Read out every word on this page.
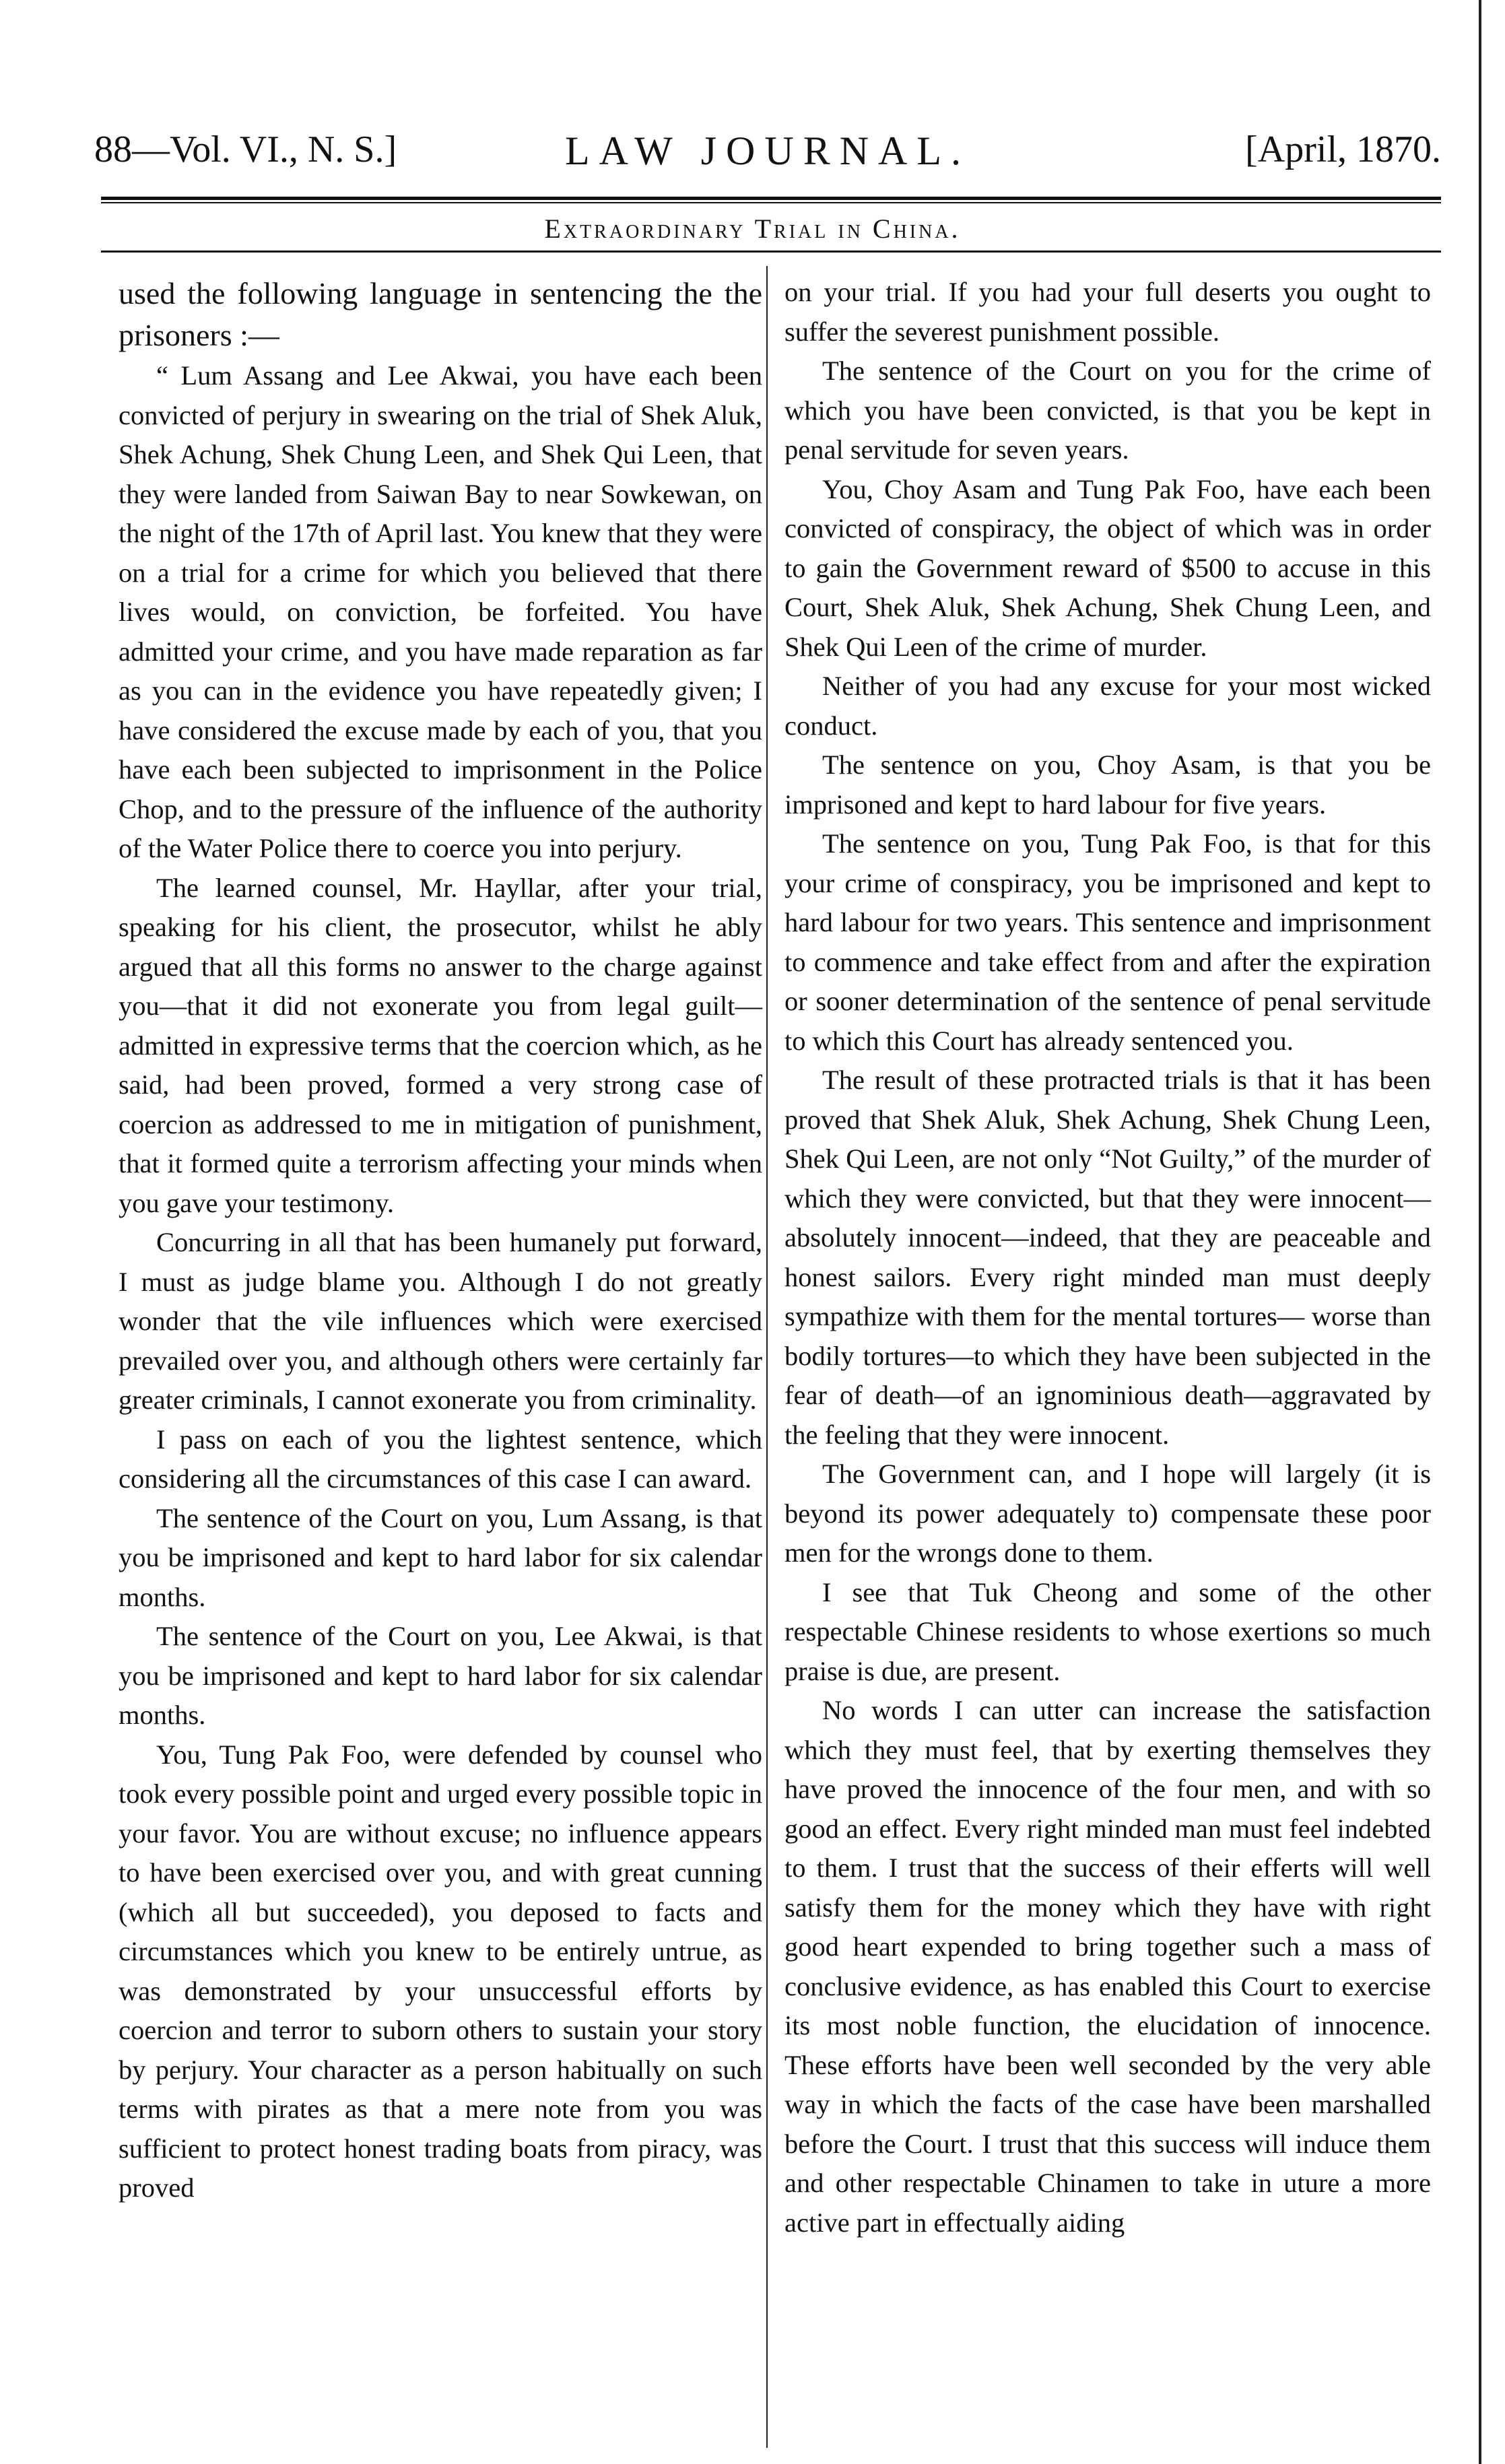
88—Vol. VI., N. S.]	LAW JOURNAL.	[April, 1870.
Extraordinary Trial in China.

used the following language in sentencing the the prisoners :—

“ Lum Assang and Lee Akwai, you have each been convicted of perjury in swearing on the trial of Shek Aluk, Shek Achung, Shek Chung Leen, and Shek Qui Leen, that they were landed from Saiwan Bay to near Sowkewan, on the night of the 17th of April last. You knew that they were on a trial for a crime for which you believed that there lives would, on conviction, be forfeited. You have admitted your crime, and you have made reparation as far as you can in the evidence you have repeatedly given; I have considered the excuse made by each of you, that you have each been subjected to imprisonment in the Police Chop, and to the pressure of the influence of the authority of the Water Police there to coerce you into perjury.

The learned counsel, Mr. Hayllar, after your trial, speaking for his client, the prosecutor, whilst he ably argued that all this forms no answer to the charge against you—that it did not exonerate you from legal guilt—admitted in expressive terms that the coercion which, as he said, had been proved, formed a very strong case of coercion as addressed to me in mitigation of punishment, that it formed quite a terrorism affecting your minds when you gave your testimony.

Concurring in all that has been humanely put forward, I must as judge blame you. Although I do not greatly wonder that the vile influences which were exercised prevailed over you, and although others were certainly far greater criminals, I cannot exonerate you from criminality.

I pass on each of you the lightest sentence, which considering all the circumstances of this case I can award.

The sentence of the Court on you, Lum Assang, is that you be imprisoned and kept to hard labor for six calendar months.

The sentence of the Court on you, Lee Akwai, is that you be imprisoned and kept to hard labor for six calendar months.

You, Tung Pak Foo, were defended by counsel who took every possible point and urged every possible topic in your favor. You are without excuse; no influence appears to have been exercised over you, and with great cunning (which all but succeeded), you deposed to facts and circumstances which you knew to be entirely untrue, as was demonstrated by your unsuccessful efforts by coercion and terror to suborn others to sustain your story by perjury. Your character as a person habitually on such terms with pirates as that a mere note from you was sufficient to protect honest trading boats from piracy, was proved

on your trial. If you had your full deserts you ought to suffer the severest punishment possible.

The sentence of the Court on you for the crime of which you have been convicted, is that you be kept in penal servitude for seven years.

You, Choy Asam and Tung Pak Foo, have each been convicted of conspiracy, the object of which was in order to gain the Government reward of $500 to accuse in this Court, Shek Aluk, Shek Achung, Shek Chung Leen, and Shek Qui Leen of the crime of murder.

Neither of you had any excuse for your most wicked conduct.

The sentence on you, Choy Asam, is that you be imprisoned and kept to hard labour for five years.

The sentence on you, Tung Pak Foo, is that for this your crime of conspiracy, you be imprisoned and kept to hard labour for two years. This sentence and imprisonment to commence and take effect from and after the expiration or sooner determination of the sentence of penal servitude to which this Court has already sentenced you.

The result of these protracted trials is that it has been proved that Shek Aluk, Shek Achung, Shek Chung Leen, Shek Qui Leen, are not only “Not Guilty,” of the murder of which they were convicted, but that they were innocent—absolutely innocent—indeed, that they are peaceable and honest sailors. Every right minded man must deeply sympathize with them for the mental tortures— worse than bodily tortures—to which they have been subjected in the fear of death—of an ignominious death—aggravated by the feeling that they were innocent.

The Government can, and I hope will largely (it is beyond its power adequately to) compensate these poor men for the wrongs done to them.

I see that Tuk Cheong and some of the other respectable Chinese residents to whose exertions so much praise is due, are present.

No words I can utter can increase the satisfaction which they must feel, that by exerting themselves they have proved the innocence of the four men, and with so good an effect. Every right minded man must feel indebted to them. I trust that the success of their efferts will well satisfy them for the money which they have with right good heart expended to bring together such a mass of conclusive evidence, as has enabled this Court to exercise its most noble function, the elucidation of innocence. These efforts have been well seconded by the very able way in which the facts of the case have been marshalled before the Court. I trust that this success will induce them and other respectable Chinamen to take in uture a more active part in effectually aiding
